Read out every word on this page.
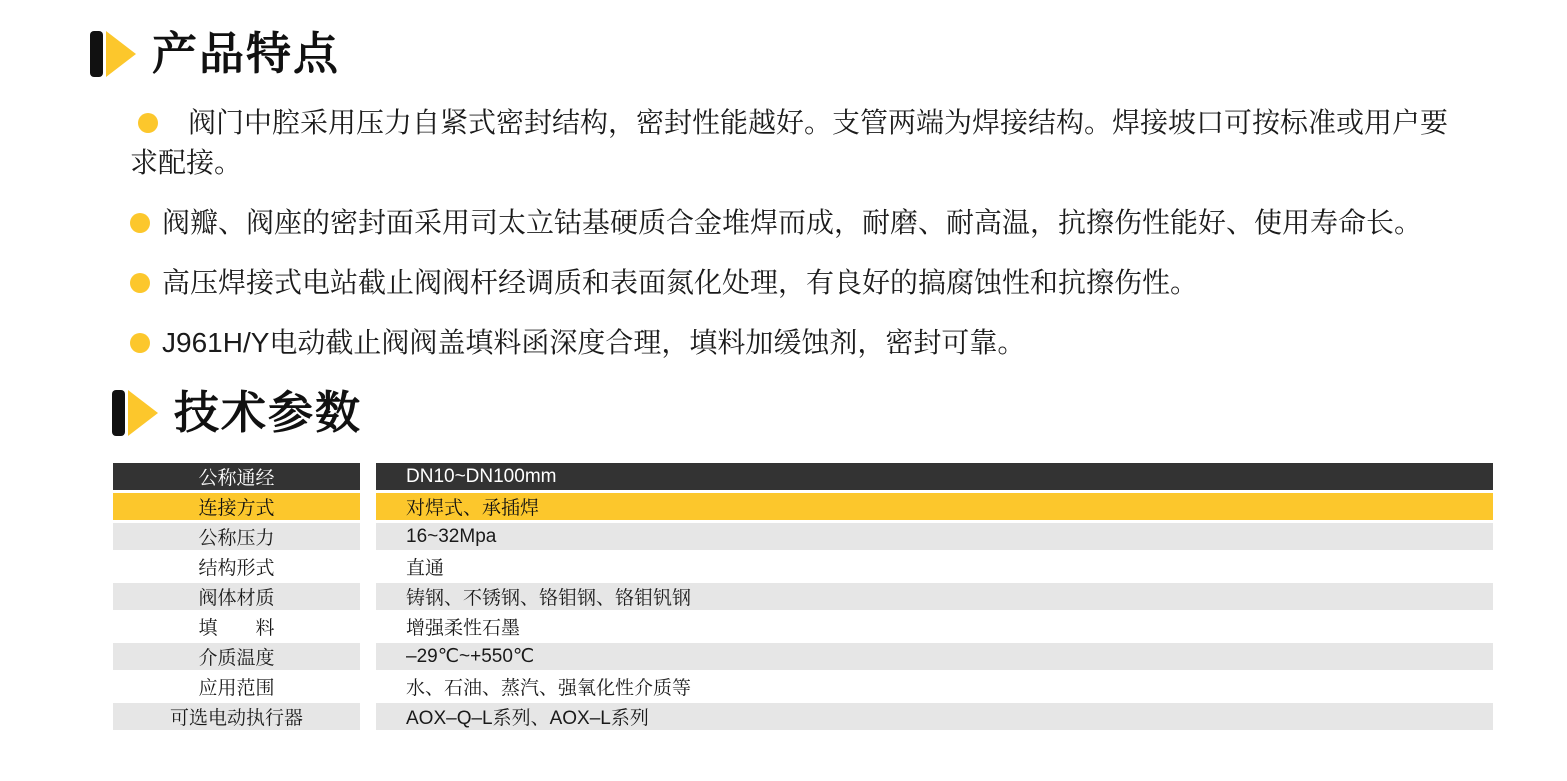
产品特点

阀门中腔采用压力自紧式密封结构，密封性能越好。支管两端为焊接结构。焊接坡口可按标准或用户要求配接。

阀瓣、阀座的密封面采用司太立钴基硬质合金堆焊而成，耐磨、耐高温，抗擦伤性能好、使用寿命长。

高压焊接式电站截止阀阀杆经调质和表面氮化处理，有良好的搞腐蚀性和抗擦伤性。

J961H/Y电动截止阀阀盖填料函深度合理，填料加缓蚀剂，密封可靠。

技术参数
公称通经	DN10~DN100mm
连接方式	对焊式、承插焊
公称压力	16~32Mpa
结构形式	直通
阀体材质	铸钢、不锈钢、铬钼钢、铬钼钒钢
填　　料	增强柔性石墨
介质温度	–29℃~+550℃
应用范围	水、石油、蒸汽、强氧化性介质等
可选电动执行器	AOX–Q–L系列、AOX–L系列
